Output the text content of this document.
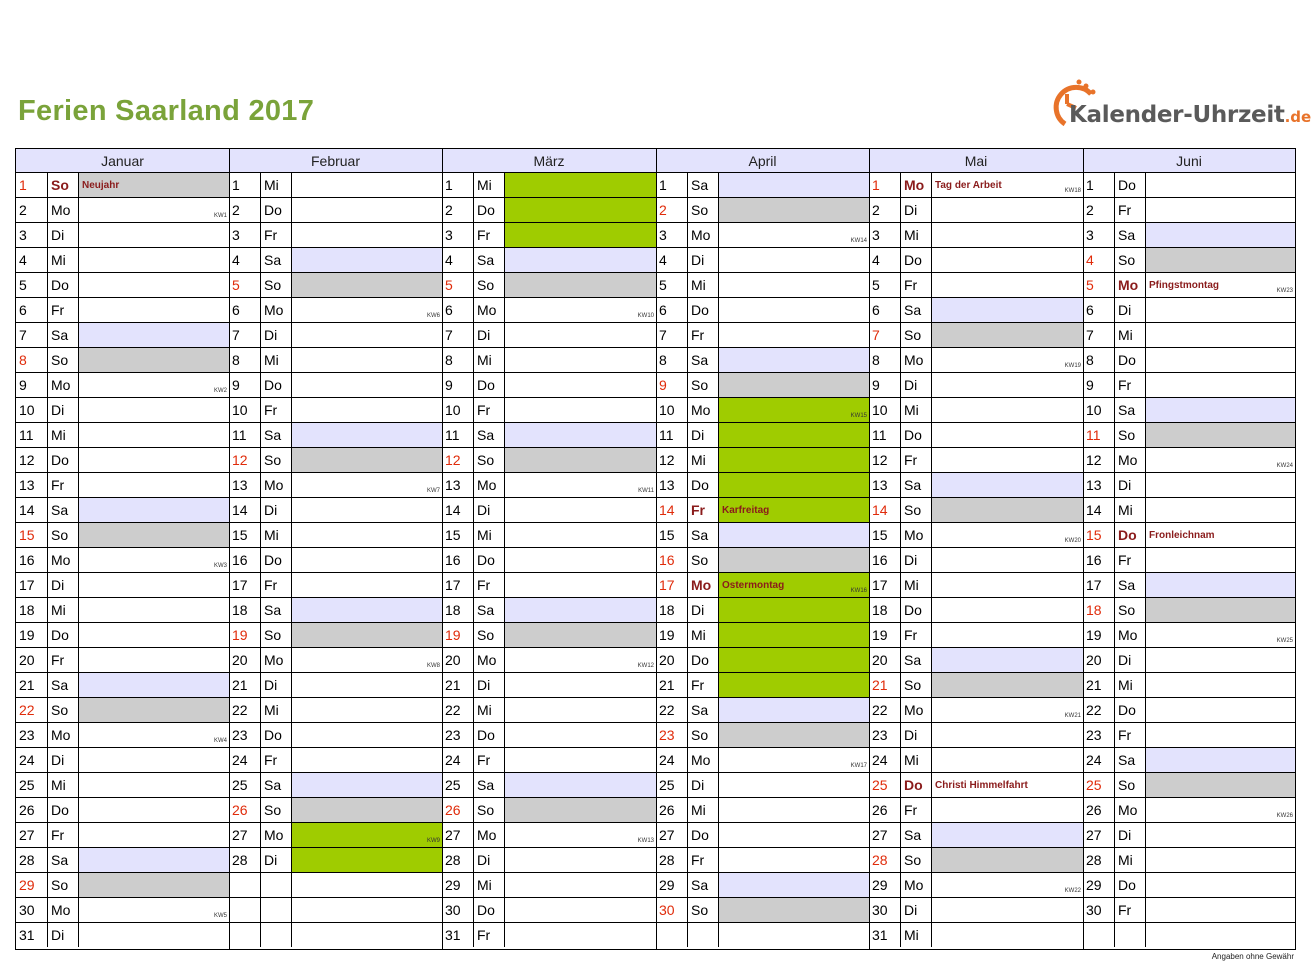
Ferien Saarland 2017	Kalender-Uhrzeit.de
Januar
1	So	Neujahr
2	Mo	KW1
3	Di
4	Mi
5	Do
6	Fr
7	Sa
8	So
9	Mo	KW2
10	Di
11	Mi
12	Do
13	Fr
14	Sa
15	So
16	Mo	KW3
17	Di
18	Mi
19	Do
20	Fr
21	Sa
22	So
23	Mo	KW4
24	Di
25	Mi
26	Do
27	Fr
28	Sa
29	So
30	Mo	KW5
31	Di
Februar
1	Mi
2	Do
3	Fr
4	Sa
5	So
6	Mo	KW6
7	Di
8	Mi
9	Do
10	Fr
11	Sa
12	So
13	Mo	KW7
14	Di
15	Mi
16	Do
17	Fr
18	Sa
19	So
20	Mo	KW8
21	Di
22	Mi
23	Do
24	Fr
25	Sa
26	So
27	Mo	KW9
28	Di
März
1	Mi
2	Do
3	Fr
4	Sa
5	So
6	Mo	KW10
7	Di
8	Mi
9	Do
10	Fr
11	Sa
12	So
13	Mo	KW11
14	Di
15	Mi
16	Do
17	Fr
18	Sa
19	So
20	Mo	KW12
21	Di
22	Mi
23	Do
24	Fr
25	Sa
26	So
27	Mo	KW13
28	Di
29	Mi
30	Do
31	Fr
April
1	Sa
2	So
3	Mo	KW14
4	Di
5	Mi
6	Do
7	Fr
8	Sa
9	So
10	Mo	KW15
11	Di
12	Mi
13	Do
14	Fr	Karfreitag
15	Sa
16	So
17	Mo	Ostermontag	KW16
18	Di
19	Mi
20	Do
21	Fr
22	Sa
23	So
24	Mo	KW17
25	Di
26	Mi
27	Do
28	Fr
29	Sa
30	So
Mai
1	Mo	Tag der Arbeit	KW18
2	Di
3	Mi
4	Do
5	Fr
6	Sa
7	So
8	Mo	KW19
9	Di
10	Mi
11	Do
12	Fr
13	Sa
14	So
15	Mo	KW20
16	Di
17	Mi
18	Do
19	Fr
20	Sa
21	So
22	Mo	KW21
23	Di
24	Mi
25	Do	Christi Himmelfahrt
26	Fr
27	Sa
28	So
29	Mo	KW22
30	Di
31	Mi
Juni
1	Do
2	Fr
3	Sa
4	So
5	Mo	Pfingstmontag	KW23
6	Di
7	Mi
8	Do
9	Fr
10	Sa
11	So
12	Mo	KW24
13	Di
14	Mi
15	Do	Fronleichnam
16	Fr
17	Sa
18	So
19	Mo	KW25
20	Di
21	Mi
22	Do
23	Fr
24	Sa
25	So
26	Mo	KW26
27	Di
28	Mi
29	Do
30	Fr
Angaben ohne Gewähr
